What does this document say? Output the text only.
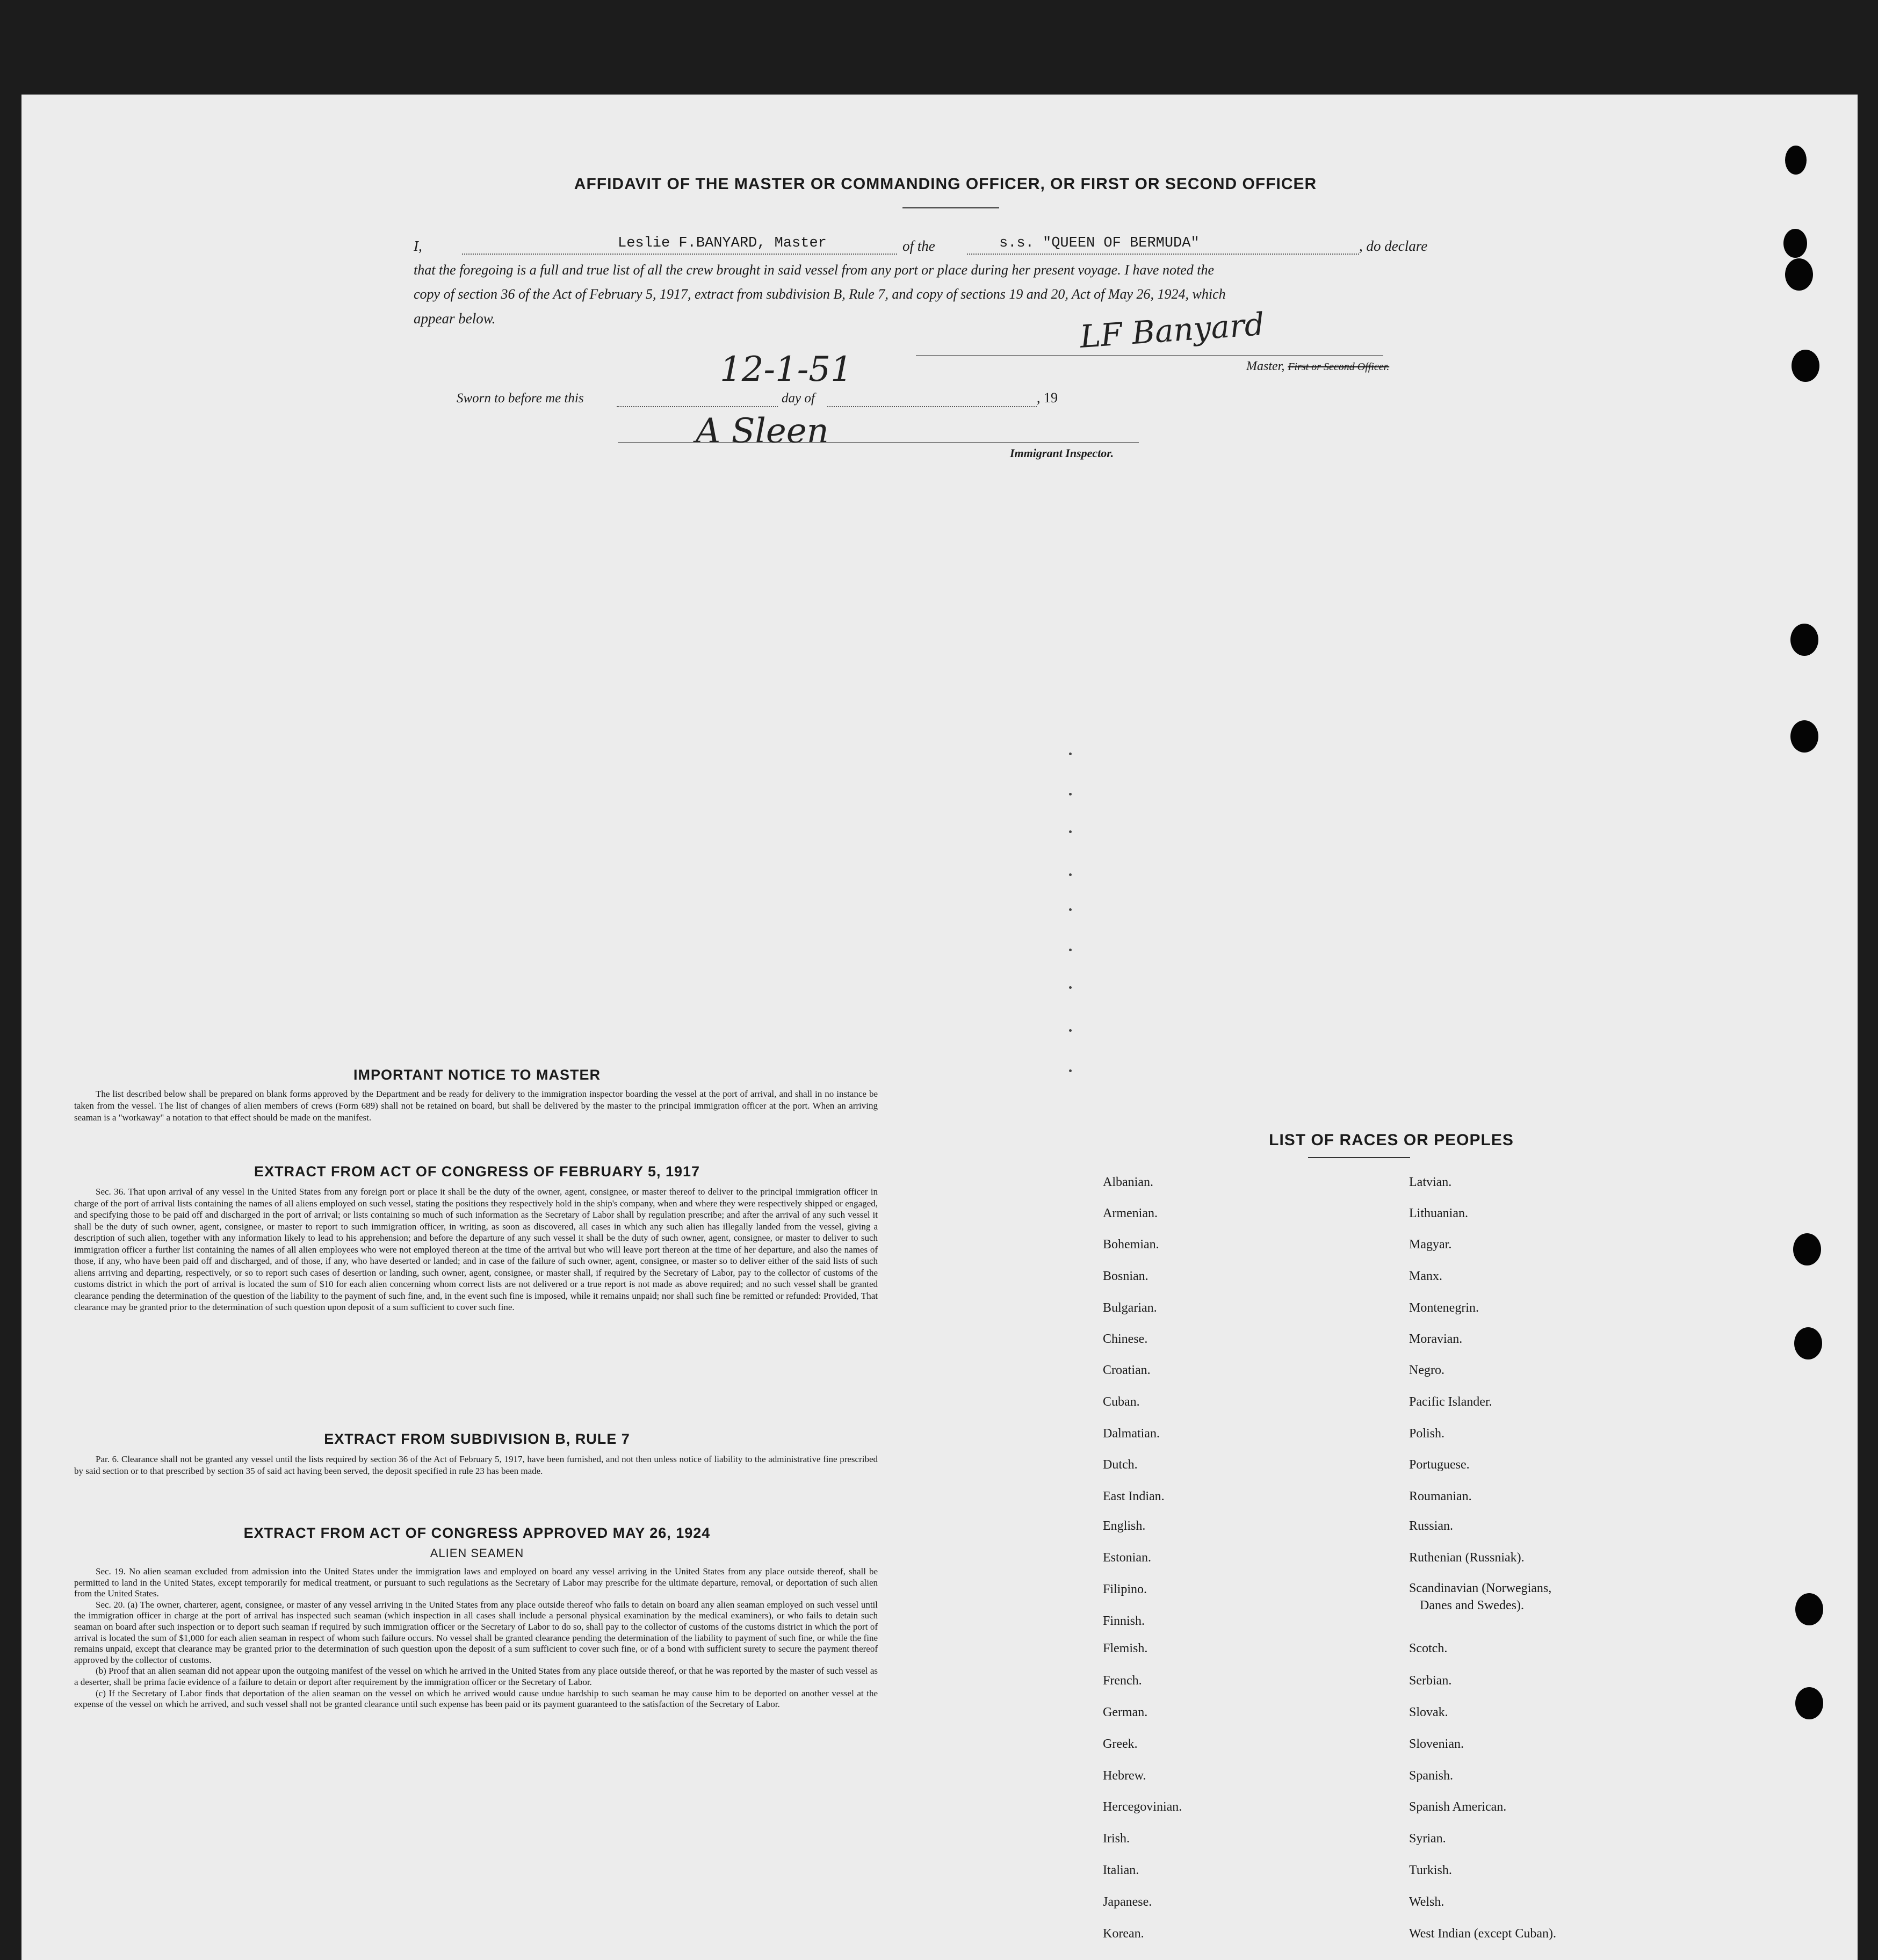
AFFIDAVIT OF THE MASTER OR COMMANDING OFFICER, OR FIRST OR SECOND OFFICER
I,	Leslie F.BANYARD, Master	of the	s.s. "QUEEN OF BERMUDA"	, do declare
that the foregoing is a full and true list of all the crew brought in said vessel from any port or place during her present voyage. I have noted the
copy of section 36 of the Act of February 5, 1917, extract from subdivision B, Rule 7, and copy of sections 19 and 20, Act of May 26, 1924, which
appear below.	LF Banyard
Master, First or Second Officer.
Sworn to before me this
12-1-51
day of	, 19
A Sleen
Immigrant Inspector.
IMPORTANT NOTICE TO MASTER

The list described below shall be prepared on blank forms approved by the Department and be ready for delivery to the immigration inspector boarding the vessel at the port of arrival, and shall in no instance be taken from the vessel. The list of changes of alien members of crews (Form 689) shall not be retained on board, but shall be delivered by the master to the principal immigration officer at the port. When an arriving seaman is a "workaway" a notation to that effect should be made on the manifest.

EXTRACT FROM ACT OF CONGRESS OF FEBRUARY 5, 1917

Sec. 36. That upon arrival of any vessel in the United States from any foreign port or place it shall be the duty of the owner, agent, consignee, or master thereof to deliver to the principal immigration officer in charge of the port of arrival lists containing the names of all aliens employed on such vessel, stating the positions they respectively hold in the ship's company, when and where they were respectively shipped or engaged, and specifying those to be paid off and discharged in the port of arrival; or lists containing so much of such information as the Secretary of Labor shall by regulation prescribe; and after the arrival of any such vessel it shall be the duty of such owner, agent, consignee, or master to report to such immigration officer, in writing, as soon as discovered, all cases in which any such alien has illegally landed from the vessel, giving a description of such alien, together with any information likely to lead to his apprehension; and before the departure of any such vessel it shall be the duty of such owner, agent, consignee, or master to deliver to such immigration officer a further list containing the names of all alien employees who were not employed thereon at the time of the arrival but who will leave port thereon at the time of her departure, and also the names of those, if any, who have been paid off and discharged, and of those, if any, who have deserted or landed; and in case of the failure of such owner, agent, consignee, or master so to deliver either of the said lists of such aliens arriving and departing, respectively, or so to report such cases of desertion or landing, such owner, agent, consignee, or master shall, if required by the Secretary of Labor, pay to the collector of customs of the customs district in which the port of arrival is located the sum of $10 for each alien concerning whom correct lists are not delivered or a true report is not made as above required; and no such vessel shall be granted clearance pending the determination of the question of the liability to the payment of such fine, and, in the event such fine is imposed, while it remains unpaid; nor shall such fine be remitted or refunded: Provided, That clearance may be granted prior to the determination of such question upon deposit of a sum sufficient to cover such fine.

EXTRACT FROM SUBDIVISION B, RULE 7

Par. 6. Clearance shall not be granted any vessel until the lists required by section 36 of the Act of February 5, 1917, have been furnished, and not then unless notice of liability to the administrative fine prescribed by said section or to that prescribed by section 35 of said act having been served, the deposit specified in rule 23 has been made.

EXTRACT FROM ACT OF CONGRESS APPROVED MAY 26, 1924
ALIEN SEAMEN

Sec. 19. No alien seaman excluded from admission into the United States under the immigration laws and employed on board any vessel arriving in the United States from any place outside thereof, shall be permitted to land in the United States, except temporarily for medical treatment, or pursuant to such regulations as the Secretary of Labor may prescribe for the ultimate departure, removal, or deportation of such alien from the United States.

Sec. 20. (a) The owner, charterer, agent, consignee, or master of any vessel arriving in the United States from any place outside thereof who fails to detain on board any alien seaman employed on such vessel until the immigration officer in charge at the port of arrival has inspected such seaman (which inspection in all cases shall include a personal physical examination by the medical examiners), or who fails to detain such seaman on board after such inspection or to deport such seaman if required by such immigration officer or the Secretary of Labor to do so, shall pay to the collector of customs of the customs district in which the port of arrival is located the sum of $1,000 for each alien seaman in respect of whom such failure occurs. No vessel shall be granted clearance pending the determination of the liability to payment of such fine, or while the fine remains unpaid, except that clearance may be granted prior to the determination of such question upon the deposit of a sum sufficient to cover such fine, or of a bond with sufficient surety to secure the payment thereof approved by the collector of customs.

(b) Proof that an alien seaman did not appear upon the outgoing manifest of the vessel on which he arrived in the United States from any place outside thereof, or that he was reported by the master of such vessel as a deserter, shall be prima facie evidence of a failure to detain or deport after requirement by the immigration officer or the Secretary of Labor.

(c) If the Secretary of Labor finds that deportation of the alien seaman on the vessel on which he arrived would cause undue hardship to such seaman he may cause him to be deported on another vessel at the expense of the vessel on which he arrived, and such vessel shall not be granted clearance until such expense has been paid or its payment guaranteed to the satisfaction of the Secretary of Labor.

LIST OF RACES OR PEOPLES
Albanian.
Armenian.
Bohemian.
Bosnian.
Bulgarian.
Chinese.
Croatian.
Cuban.
Dalmatian.
Dutch.
East Indian.
English.
Estonian.
Filipino.
Finnish.
Flemish.
French.
German.
Greek.
Hebrew.
Hercegovinian.
Irish.
Italian.
Japanese.
Korean.
Latvian.
Lithuanian.
Magyar.
Manx.
Montenegrin.
Moravian.
Negro.
Pacific Islander.
Polish.
Portuguese.
Roumanian.
Russian.
Ruthenian (Russniak).
Scandinavian (Norwegians,
Danes and Swedes).
Scotch.
Serbian.
Slovak.
Slovenian.
Spanish.
Spanish American.
Syrian.
Turkish.
Welsh.
West Indian (except Cuban).
